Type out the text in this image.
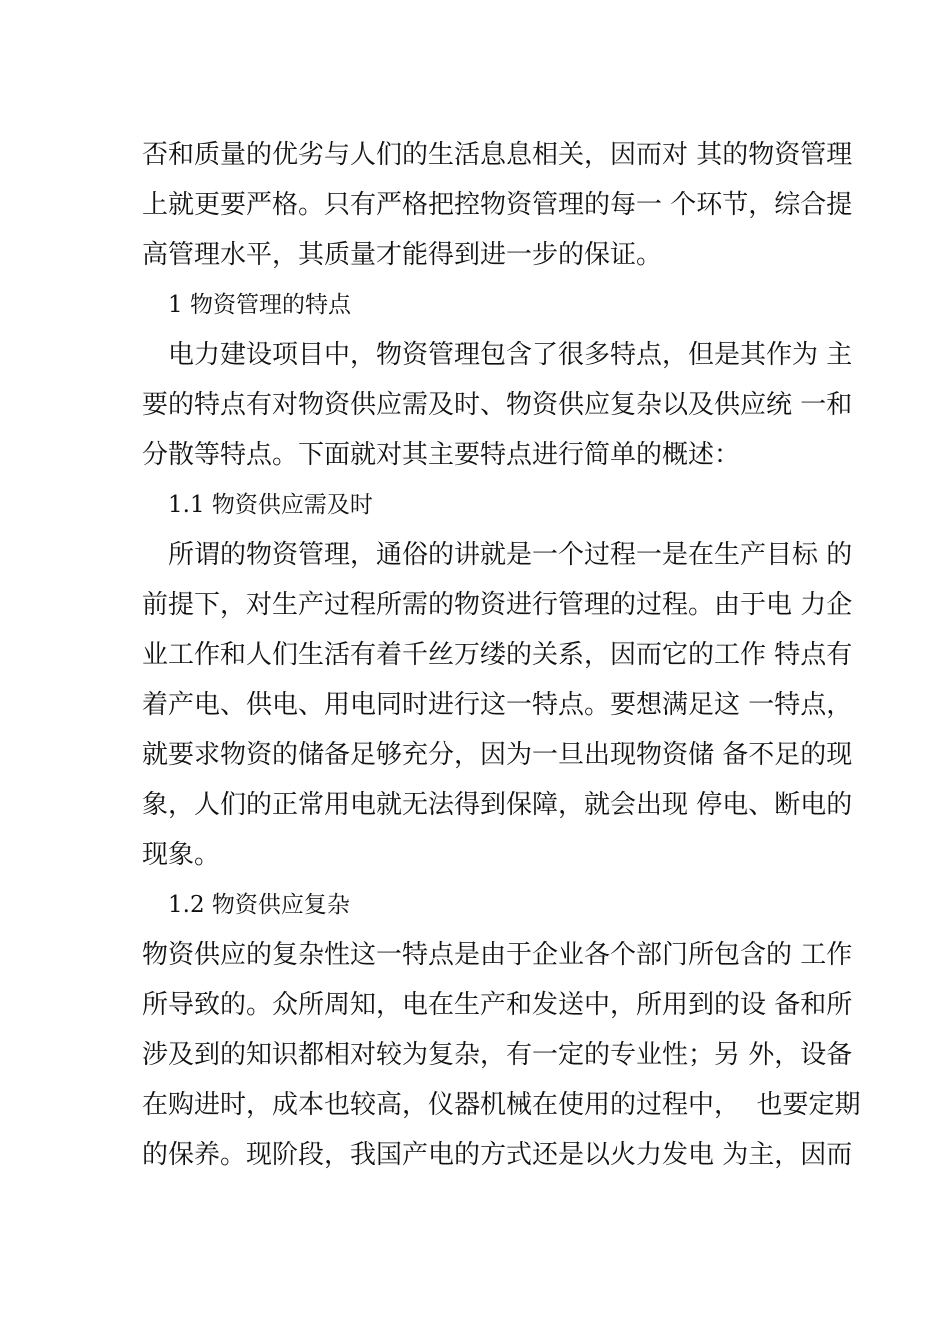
否和质量的优劣与人们的生活息息相关，因而对 其的物资管理
上就更要严格。只有严格把控物资管理的每一 个环节，综合提
高管理水平，其质量才能得到进一步的保证。
1 物资管理的特点
电力建设项目中，物资管理包含了很多特点，但是其作为 主
要的特点有对物资供应需及时、物资供应复杂以及供应统 一和
分散等特点。下面就对其主要特点进行简单的概述：
1.1 物资供应需及时
所谓的物资管理，通俗的讲就是一个过程一是在生产目标 的
前提下，对生产过程所需的物资进行管理的过程。由于电 力企
业工作和人们生活有着千丝万缕的关系，因而它的工作 特点有
着产电、供电、用电同时进行这一特点。要想满足这 一特点，
就要求物资的储备足够充分，因为一旦出现物资储 备不足的现
象，人们的正常用电就无法得到保障，就会出现 停电、断电的
现象。
1.2 物资供应复杂
物资供应的复杂性这一特点是由于企业各个部门所包含的 工作
所导致的。众所周知，电在生产和发送中，所用到的设 备和所
涉及到的知识都相对较为复杂，有一定的专业性；另 外，设备
在购进时，成本也较高，仪器机械在使用的过程中，  也要定期
的保养。现阶段，我国产电的方式还是以火力发电 为主，因而
